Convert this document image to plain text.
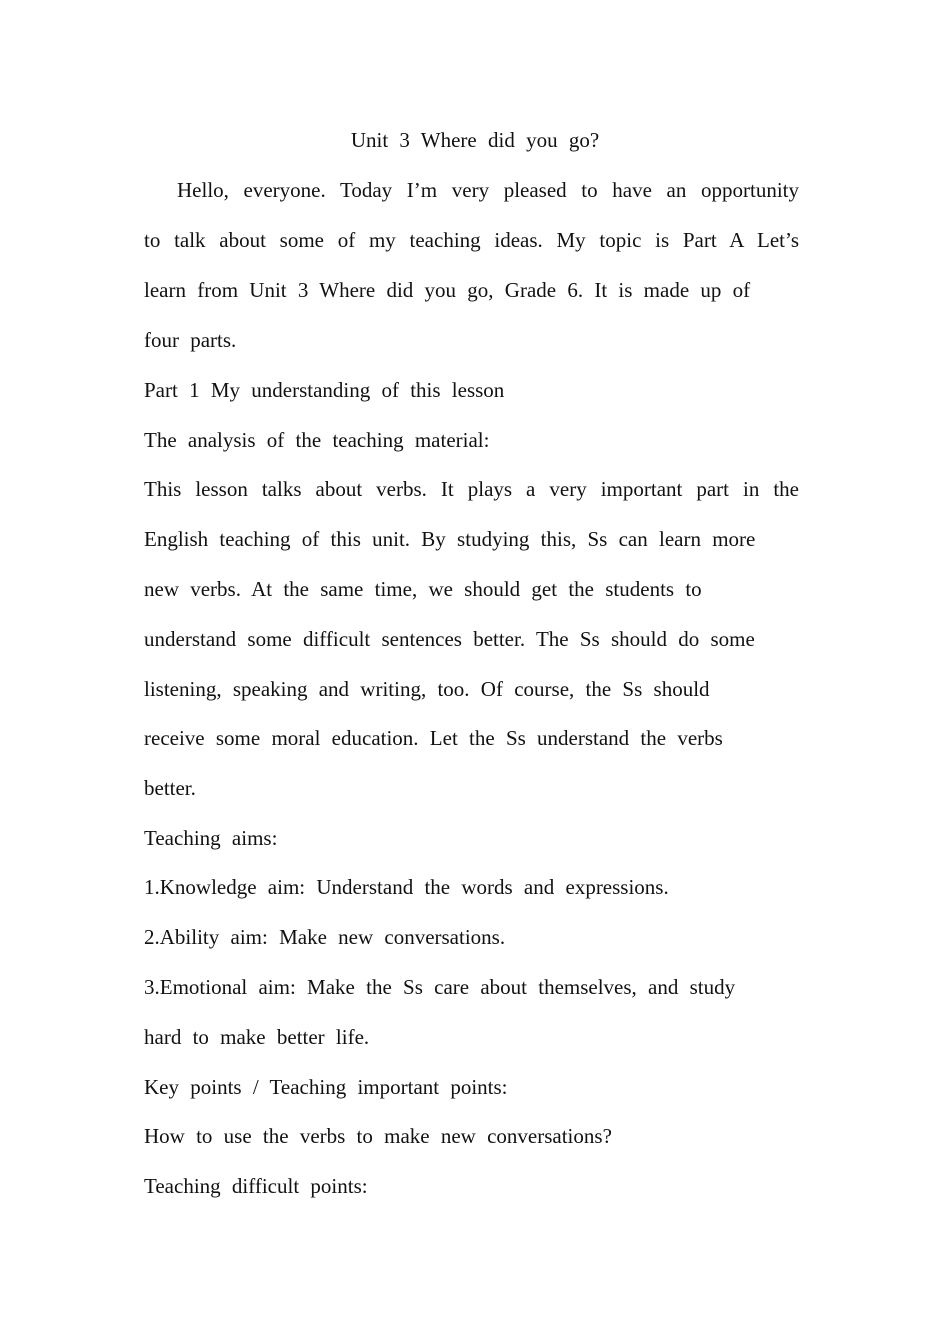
Unit 3 Where did you go?
Hello, everyone. Today I’m very pleased to have an opportunity
to talk about some of my teaching ideas. My topic is Part A Let’s
learn from Unit 3 Where did you go, Grade 6. It is made up of
four parts.
Part 1 My understanding of this lesson
The analysis of the teaching material:
This lesson talks about verbs. It plays a very important part in the
English teaching of this unit. By studying this, Ss can learn more
new verbs. At the same time, we should get the students to
understand some difficult sentences better. The Ss should do some
listening, speaking and writing, too. Of course, the Ss should
receive some moral education. Let the Ss understand the verbs
better.
Teaching aims:
1.Knowledge aim: Understand the words and expressions.
2.Ability aim: Make new conversations.
3.Emotional aim: Make the Ss care about themselves, and study
hard to make better life.
Key points / Teaching important points:
How to use the verbs to make new conversations?
Teaching difficult points:
